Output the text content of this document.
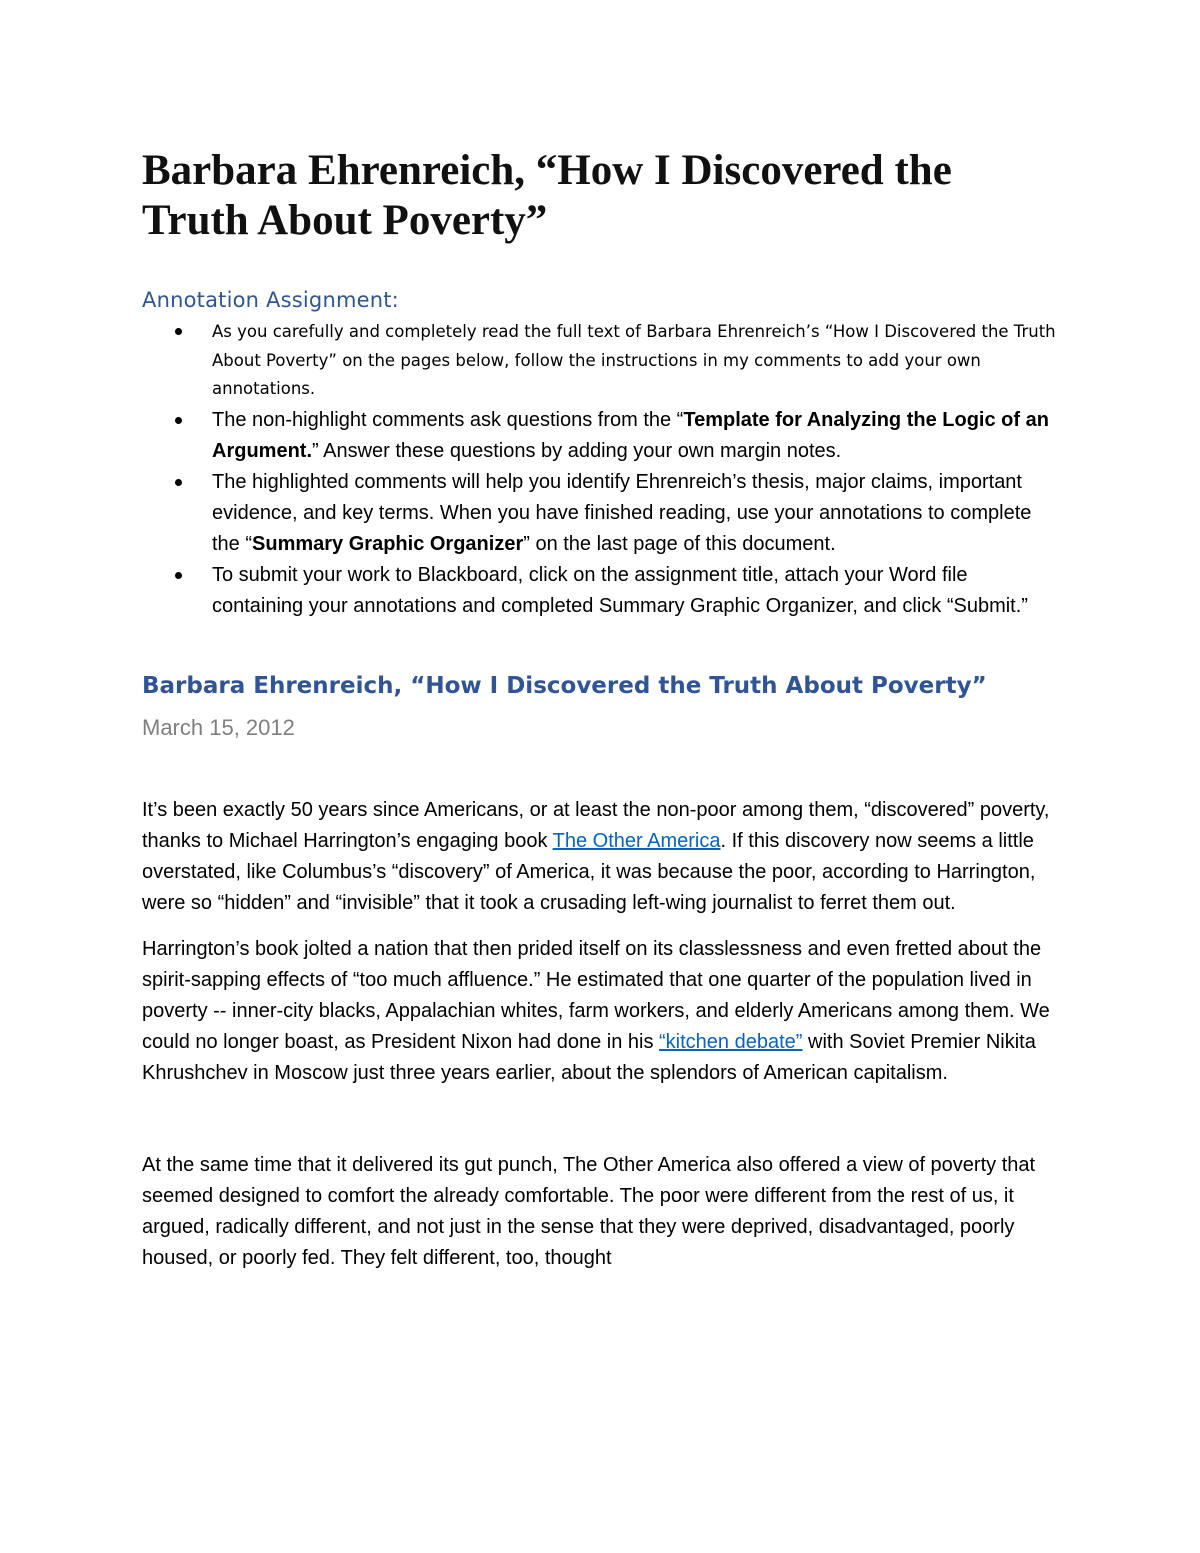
Barbara Ehrenreich, “How I Discovered the
Truth About Poverty”
Annotation Assignment:
As you carefully and completely read the full text of Barbara Ehrenreich’s “How I Discovered the Truth About Poverty” on the pages below, follow the instructions in my comments to add your own annotations.
The non-highlight comments ask questions from the “Template for Analyzing the Logic of an Argument.” Answer these questions by adding your own margin notes.
The highlighted comments will help you identify Ehrenreich’s thesis, major claims, important evidence, and key terms. When you have finished reading, use your annotations to complete the “Summary Graphic Organizer” on the last page of this document.
To submit your work to Blackboard, click on the assignment title, attach your Word file containing your annotations and completed Summary Graphic Organizer, and click “Submit.”
Barbara Ehrenreich, “How I Discovered the Truth About Poverty”
March 15, 2012

It’s been exactly 50 years since Americans, or at least the non-poor among them, “discovered” poverty, thanks to Michael Harrington’s engaging book The Other America. If this discovery now seems a little overstated, like Columbus’s “discovery” of America, it was because the poor, according to Harrington, were so “hidden” and “invisible” that it took a crusading left-wing journalist to ferret them out.

Harrington’s book jolted a nation that then prided itself on its classlessness and even fretted about the spirit-sapping effects of “too much affluence.” He estimated that one quarter of the population lived in poverty -- inner-city blacks, Appalachian whites, farm workers, and elderly Americans among them. We could no longer boast, as President Nixon had done in his “kitchen debate” with Soviet Premier Nikita Khrushchev in Moscow just three years earlier, about the splendors of American capitalism.

At the same time that it delivered its gut punch, The Other America also offered a view of poverty that seemed designed to comfort the already comfortable. The poor were different from the rest of us, it argued, radically different, and not just in the sense that they were deprived, disadvantaged, poorly housed, or poorly fed. They felt different, too, thought
